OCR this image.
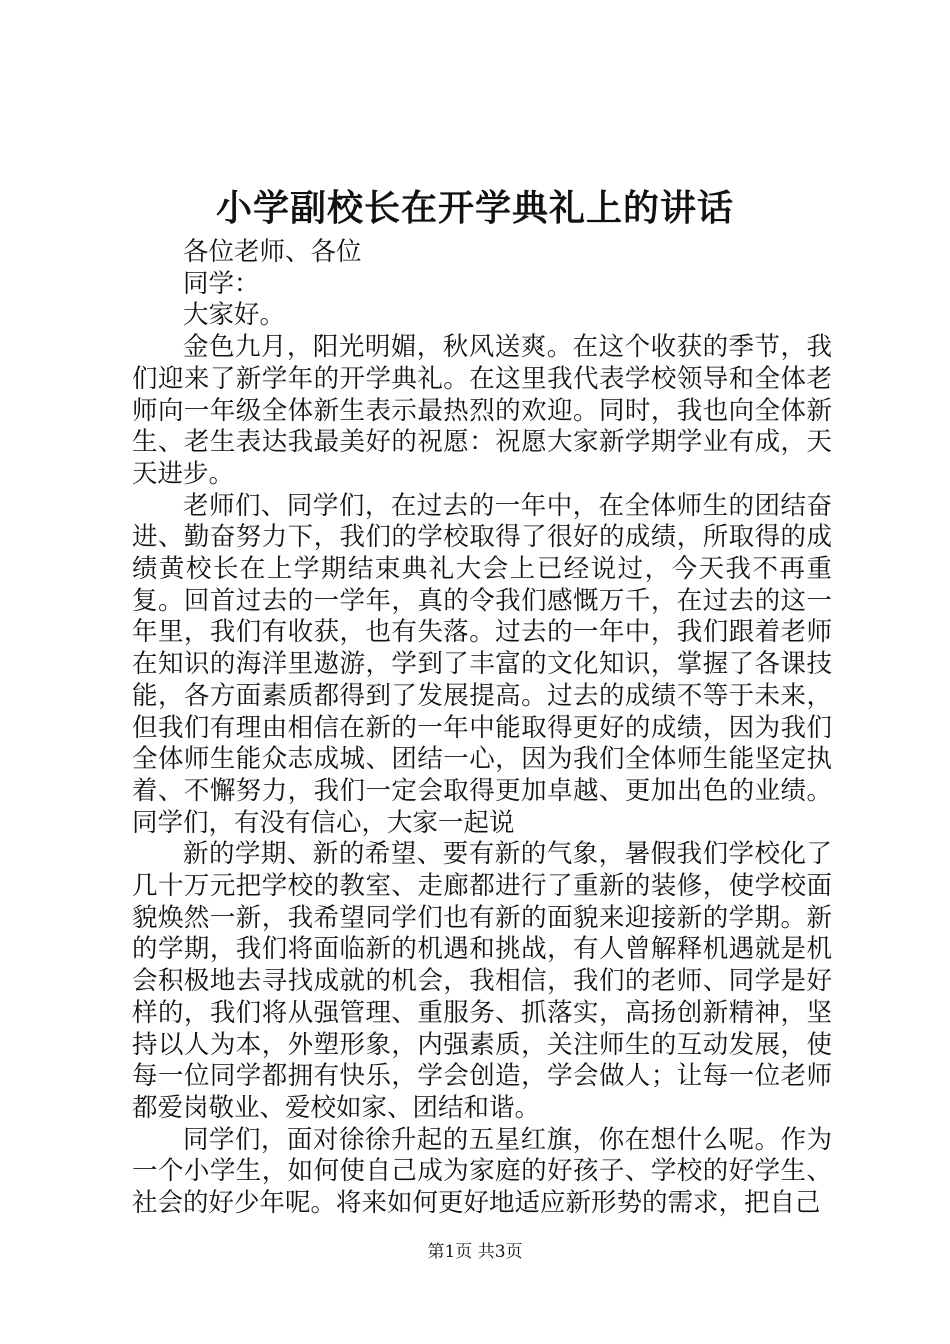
小学副校长在开学典礼上的讲话

各位老师、各位

同学：

大家好。

金色九月，阳光明媚，秋风送爽。在这个收获的季节，我们迎来了新学年的开学典礼。在这里我代表学校领导和全体老师向一年级全体新生表示最热烈的欢迎。同时，我也向全体新生、老生表达我最美好的祝愿：祝愿大家新学期学业有成，天天进步。

老师们、同学们，在过去的一年中，在全体师生的团结奋进、勤奋努力下，我们的学校取得了很好的成绩，所取得的成绩黄校长在上学期结束典礼大会上已经说过，今天我不再重复。回首过去的一学年，真的令我们感慨万千，在过去的这一年里，我们有收获，也有失落。过去的一年中，我们跟着老师在知识的海洋里遨游，学到了丰富的文化知识，掌握了各课技能，各方面素质都得到了发展提高。过去的成绩不等于未来，但我们有理由相信在新的一年中能取得更好的成绩，因为我们全体师生能众志成城、团结一心，因为我们全体师生能坚定执着、不懈努力，我们一定会取得更加卓越、更加出色的业绩。同学们，有没有信心，大家一起说

新的学期、新的希望、要有新的气象，暑假我们学校化了几十万元把学校的教室、走廊都进行了重新的装修，使学校面貌焕然一新，我希望同学们也有新的面貌来迎接新的学期。新的学期，我们将面临新的机遇和挑战，有人曾解释机遇就是机会积极地去寻找成就的机会，我相信，我们的老师、同学是好样的，我们将从强管理、重服务、抓落实，高扬创新精神，坚持以人为本，外塑形象，内强素质，关注师生的互动发展，使每一位同学都拥有快乐，学会创造，学会做人；让每一位老师都爱岗敬业、爱校如家、团结和谐。

同学们，面对徐徐升起的五星红旗，你在想什么呢。作为一个小学生，如何使自己成为家庭的好孩子、学校的好学生、社会的好少年呢。将来如何更好地适应新形势的需求，把自己

第1页 共3页
